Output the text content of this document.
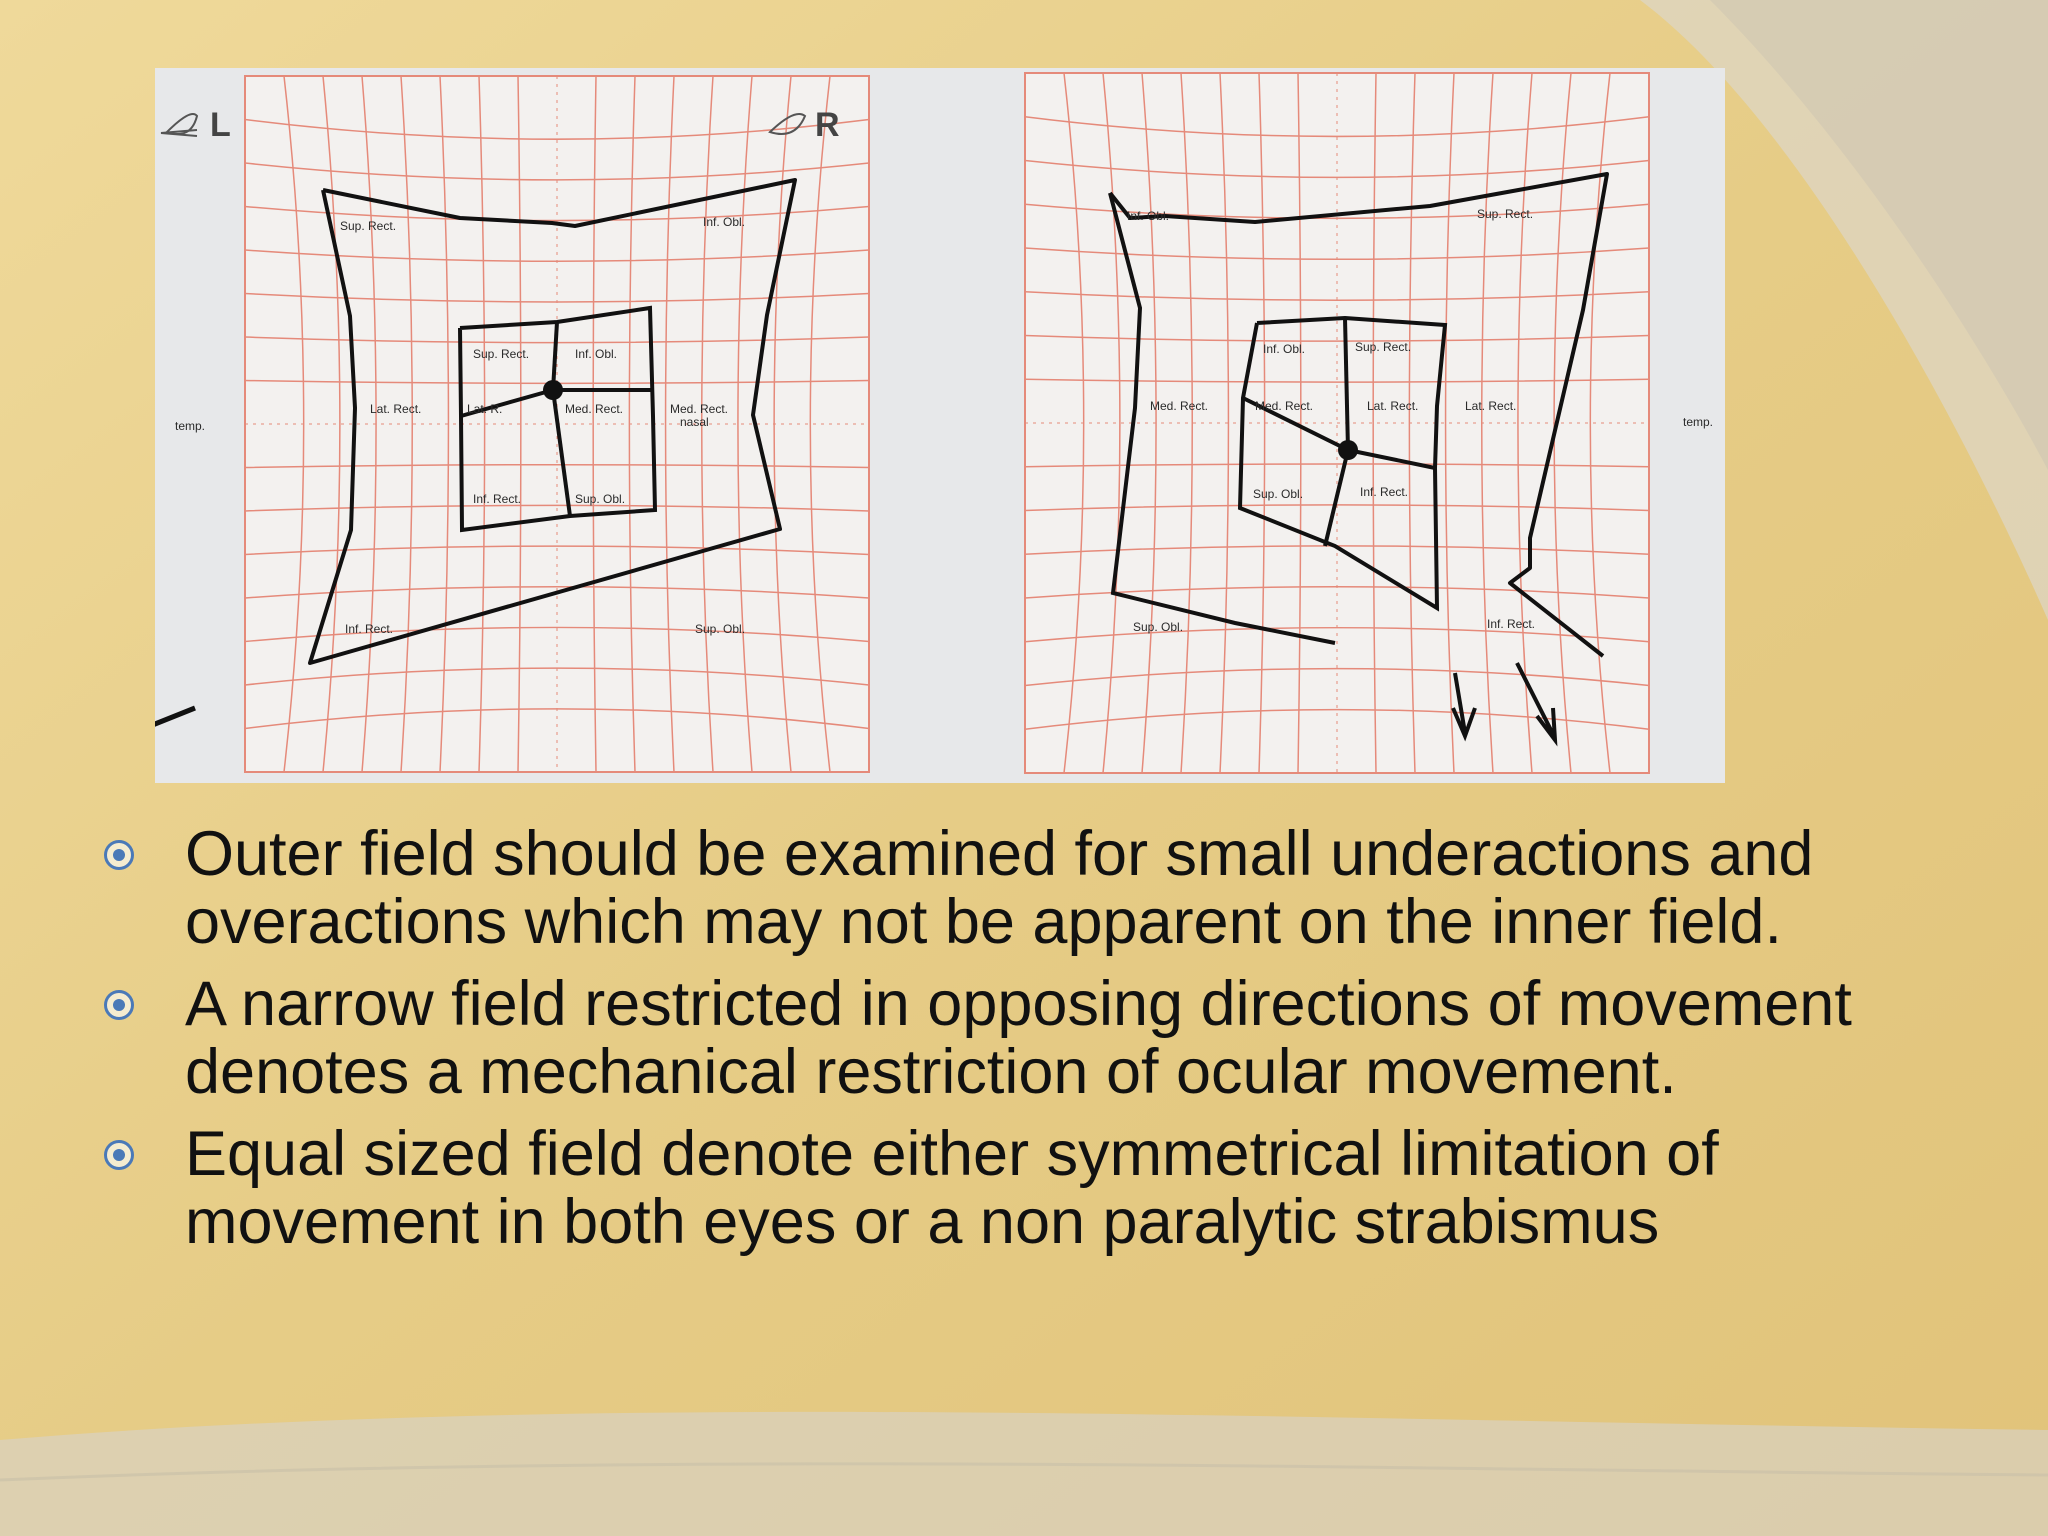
L	R
temp.	nasal	temp.
Sup. Rect.	Inf. Obl.
Lat. Rect.	Med. Rect.
Inf. Rect.	Sup. Obl.
Sup. Rect.	Inf. Obl.
Lat. R.	Med. Rect.
Inf. Rect.	Sup. Obl.
Inf. Obl.	Sup. Rect.
Med. Rect.	Lat. Rect.
Sup. Obl.	Inf. Rect.
Inf. Obl.	Sup. Rect.
Med. Rect.	Lat. Rect.
Sup. Obl.	Inf. Rect.
Outer field should be examined for small underactions and overactions which may not be apparent on the inner field.
A narrow field restricted in opposing directions of movement denotes a mechanical restriction of ocular movement.
Equal sized field denote either symmetrical limitation of movement in both eyes or a non paralytic strabismus
